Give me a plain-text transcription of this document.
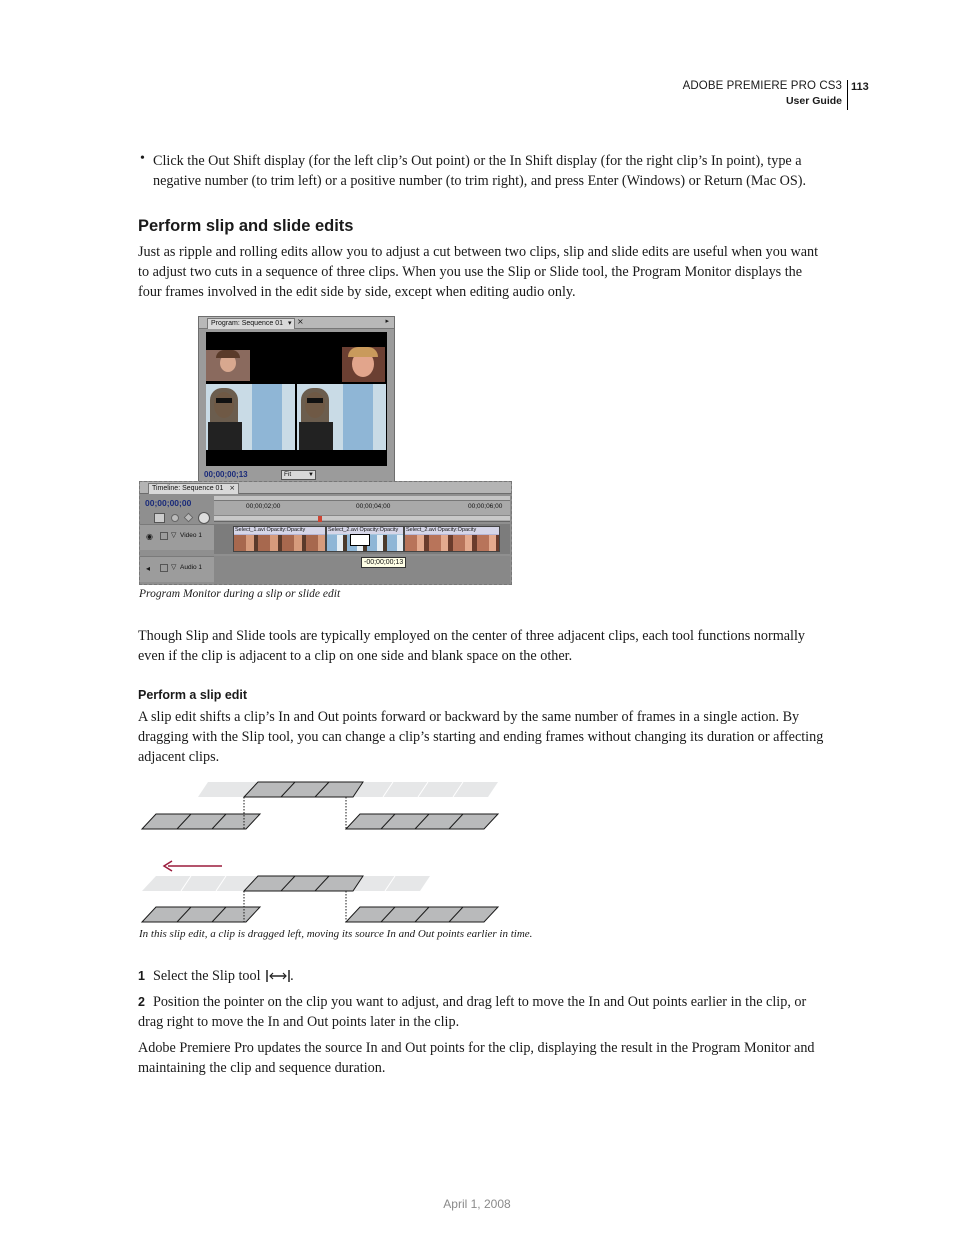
ADOBE PREMIERE PRO CS3
User Guide
113
• Click the Out Shift display (for the left clip’s Out point) or the In Shift display (for the right clip’s In point), type a negative number (to trim left) or a positive number (to trim right), and press Enter (Windows) or Return (Mac OS).
Perform slip and slide edits
Just as ripple and rolling edits allow you to adjust a cut between two clips, slip and slide edits are useful when you want to adjust two cuts in a sequence of three clips. When you use the Slip or Slide tool, the Program Monitor displays the four frames involved in the edit side by side, except when editing audio only.
Program: Sequence 01 ▾ ×	▸
00;00;00;13	Fit	▼
Timeline: Sequence 01 ×
00;00;00;00	00;00;02;00	00;00;04;00	00;00;06;00
◉	▽ Video 1
Select_1.avi Opacity:Opacity	Select_2.avi Opacity:Opacity	Select_2.avi Opacity:Opacity
◂	▽ Audio 1
-00;00;00;13
Program Monitor during a slip or slide edit
Though Slip and Slide tools are typically employed on the center of three adjacent clips, each tool functions normally even if the clip is adjacent to a clip on one side and blank space on the other.
Perform a slip edit
A slip edit shifts a clip’s In and Out points forward or backward by the same number of frames in a single action. By dragging with the Slip tool, you can change a clip’s starting and ending frames without changing its duration or affecting adjacent clips.
In this slip edit, a clip is dragged left, moving its source In and Out points earlier in time.
1 Select the Slip tool .
2 Position the pointer on the clip you want to adjust, and drag left to move the In and Out points earlier in the clip, or drag right to move the In and Out points later in the clip.
Adobe Premiere Pro updates the source In and Out points for the clip, displaying the result in the Program Monitor and maintaining the clip and sequence duration.
April 1, 2008
